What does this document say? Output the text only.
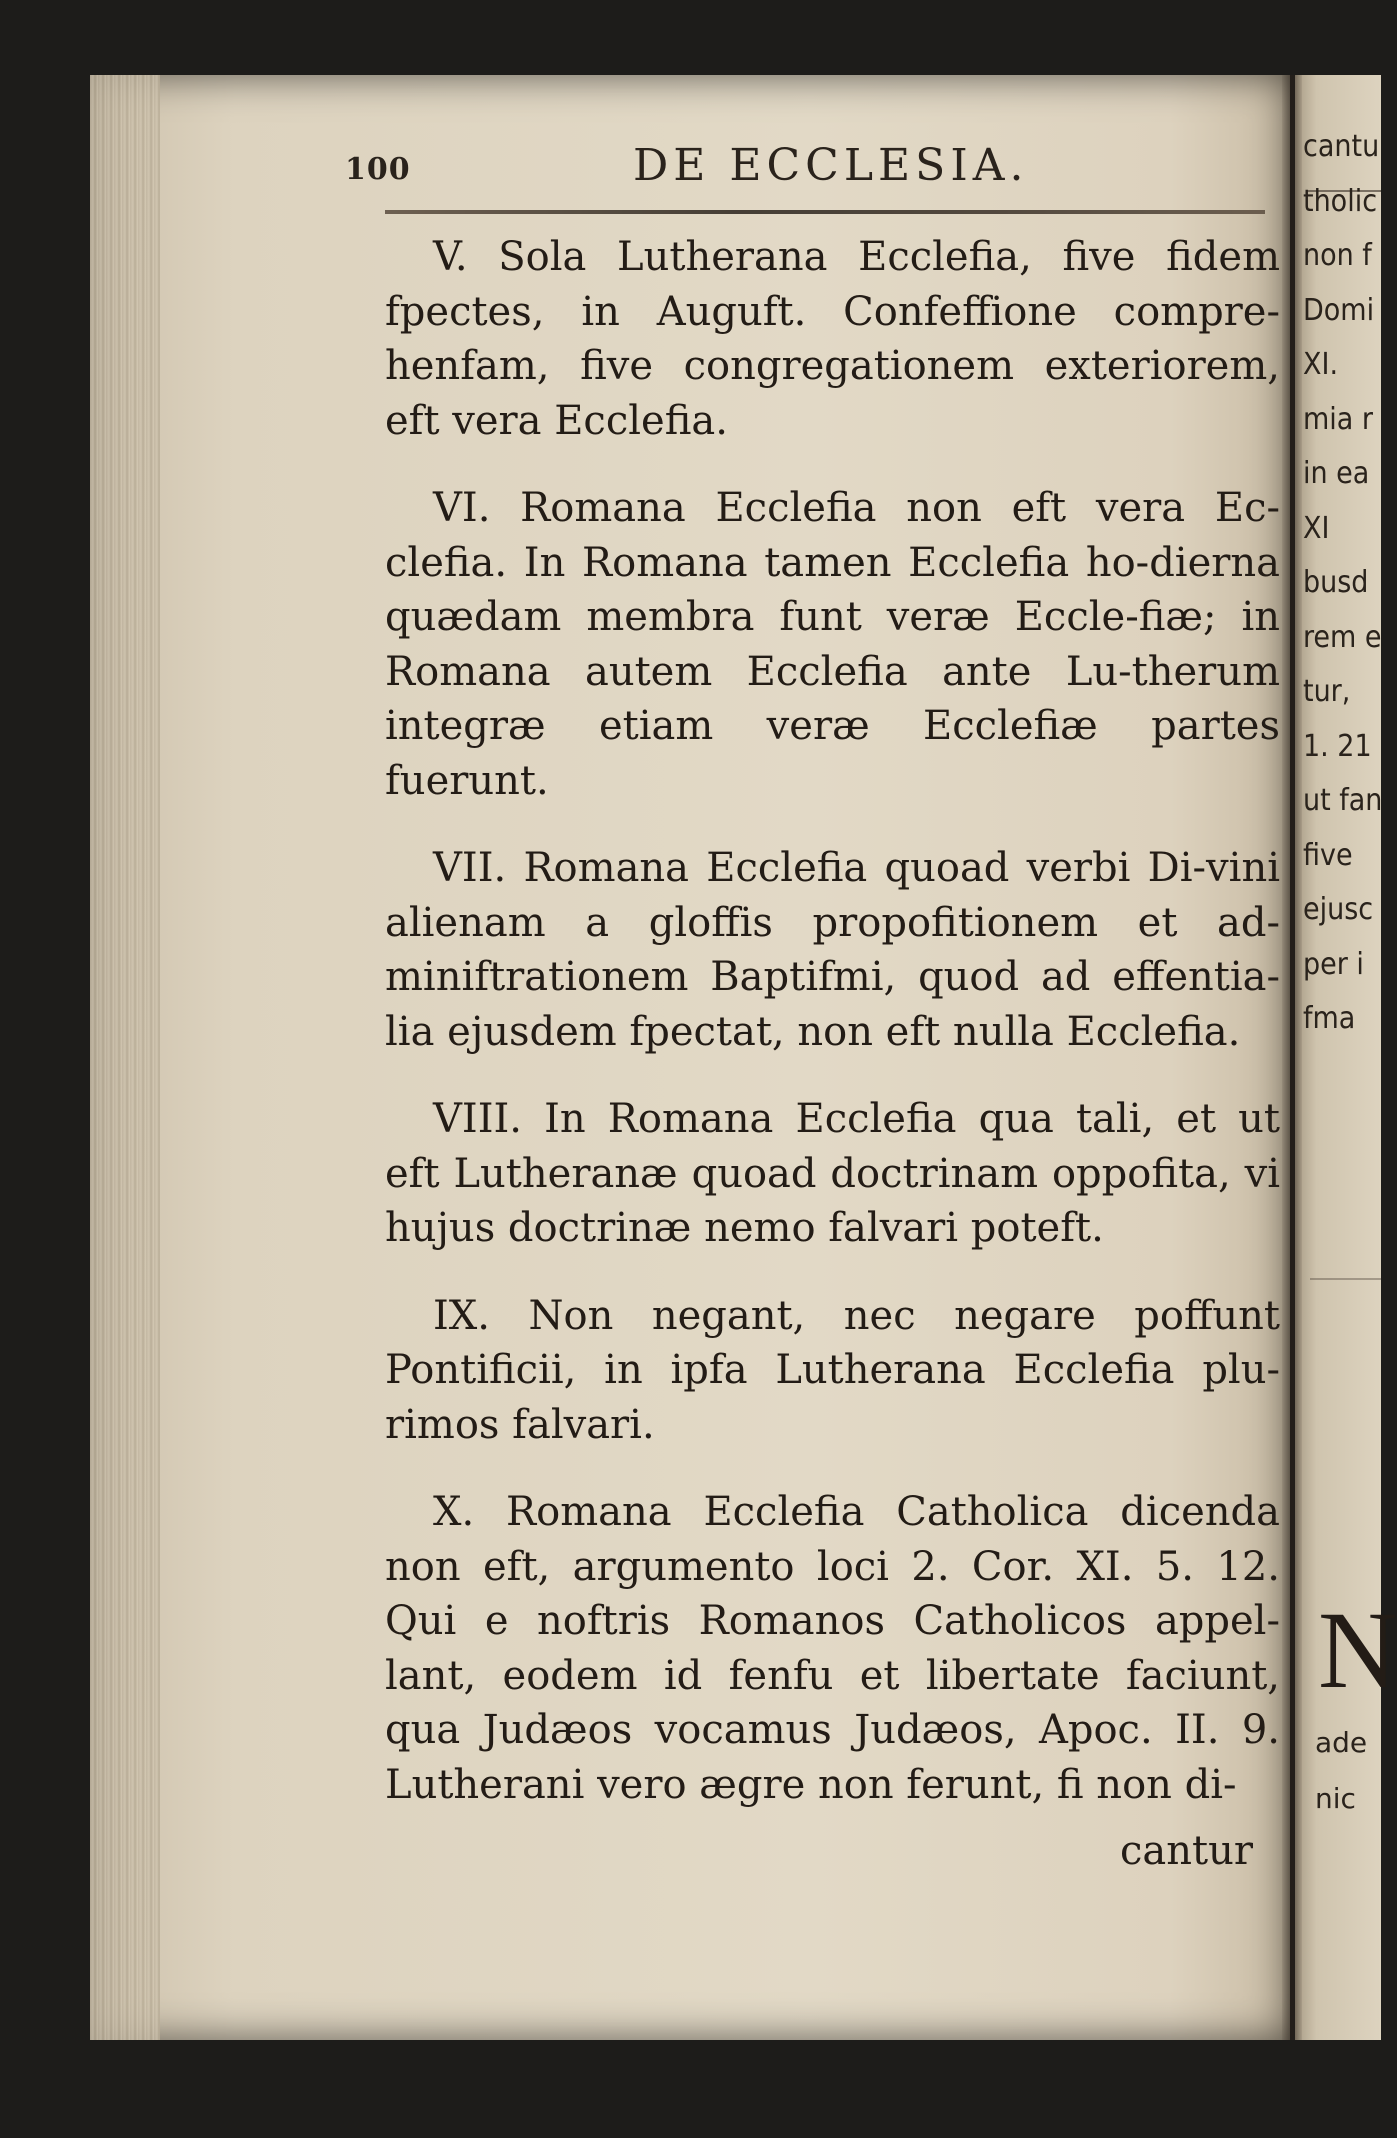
100	DE ECCLESIA.

V. Sola Lutherana Ecclefia, five fidem fpectes, in Auguft. Confeffione compre-henfam, five congregationem exteriorem, eft vera Ecclefia.

VI. Romana Ecclefia non eft vera Ec-clefia. In Romana tamen Ecclefia ho-dierna quædam membra funt veræ Eccle-fiæ; in Romana autem Ecclefia ante Lu-therum integræ etiam veræ Ecclefiæ partes fuerunt.

VII. Romana Ecclefia quoad verbi Di-vini alienam a gloffis propofitionem et ad-miniftrationem Baptifmi, quod ad effentia-lia ejusdem fpectat, non eft nulla Ecclefia.

VIII. In Romana Ecclefia qua tali, et ut eft Lutheranæ quoad doctrinam oppofita, vi hujus doctrinæ nemo falvari poteft.

IX. Non negant, nec negare poffunt Pontificii, in ipfa Lutherana Ecclefia plu-rimos falvari.

X. Romana Ecclefia Catholica dicenda non eft, argumento loci 2. Cor. XI. 5. 12. Qui e noftris Romanos Catholicos appel-lant, eodem id fenfu et libertate faciunt, qua Judæos vocamus Judæos, Apoc. II. 9. Lutherani vero ægre non ferunt, fi non di-

cantur
cantu
tholic
non f
Domi
XI.
mia r
in ea
XI
busd
rem e
tur,
1. 21
ut fan
five
ejusc
per i
fma
N
ade
nic
